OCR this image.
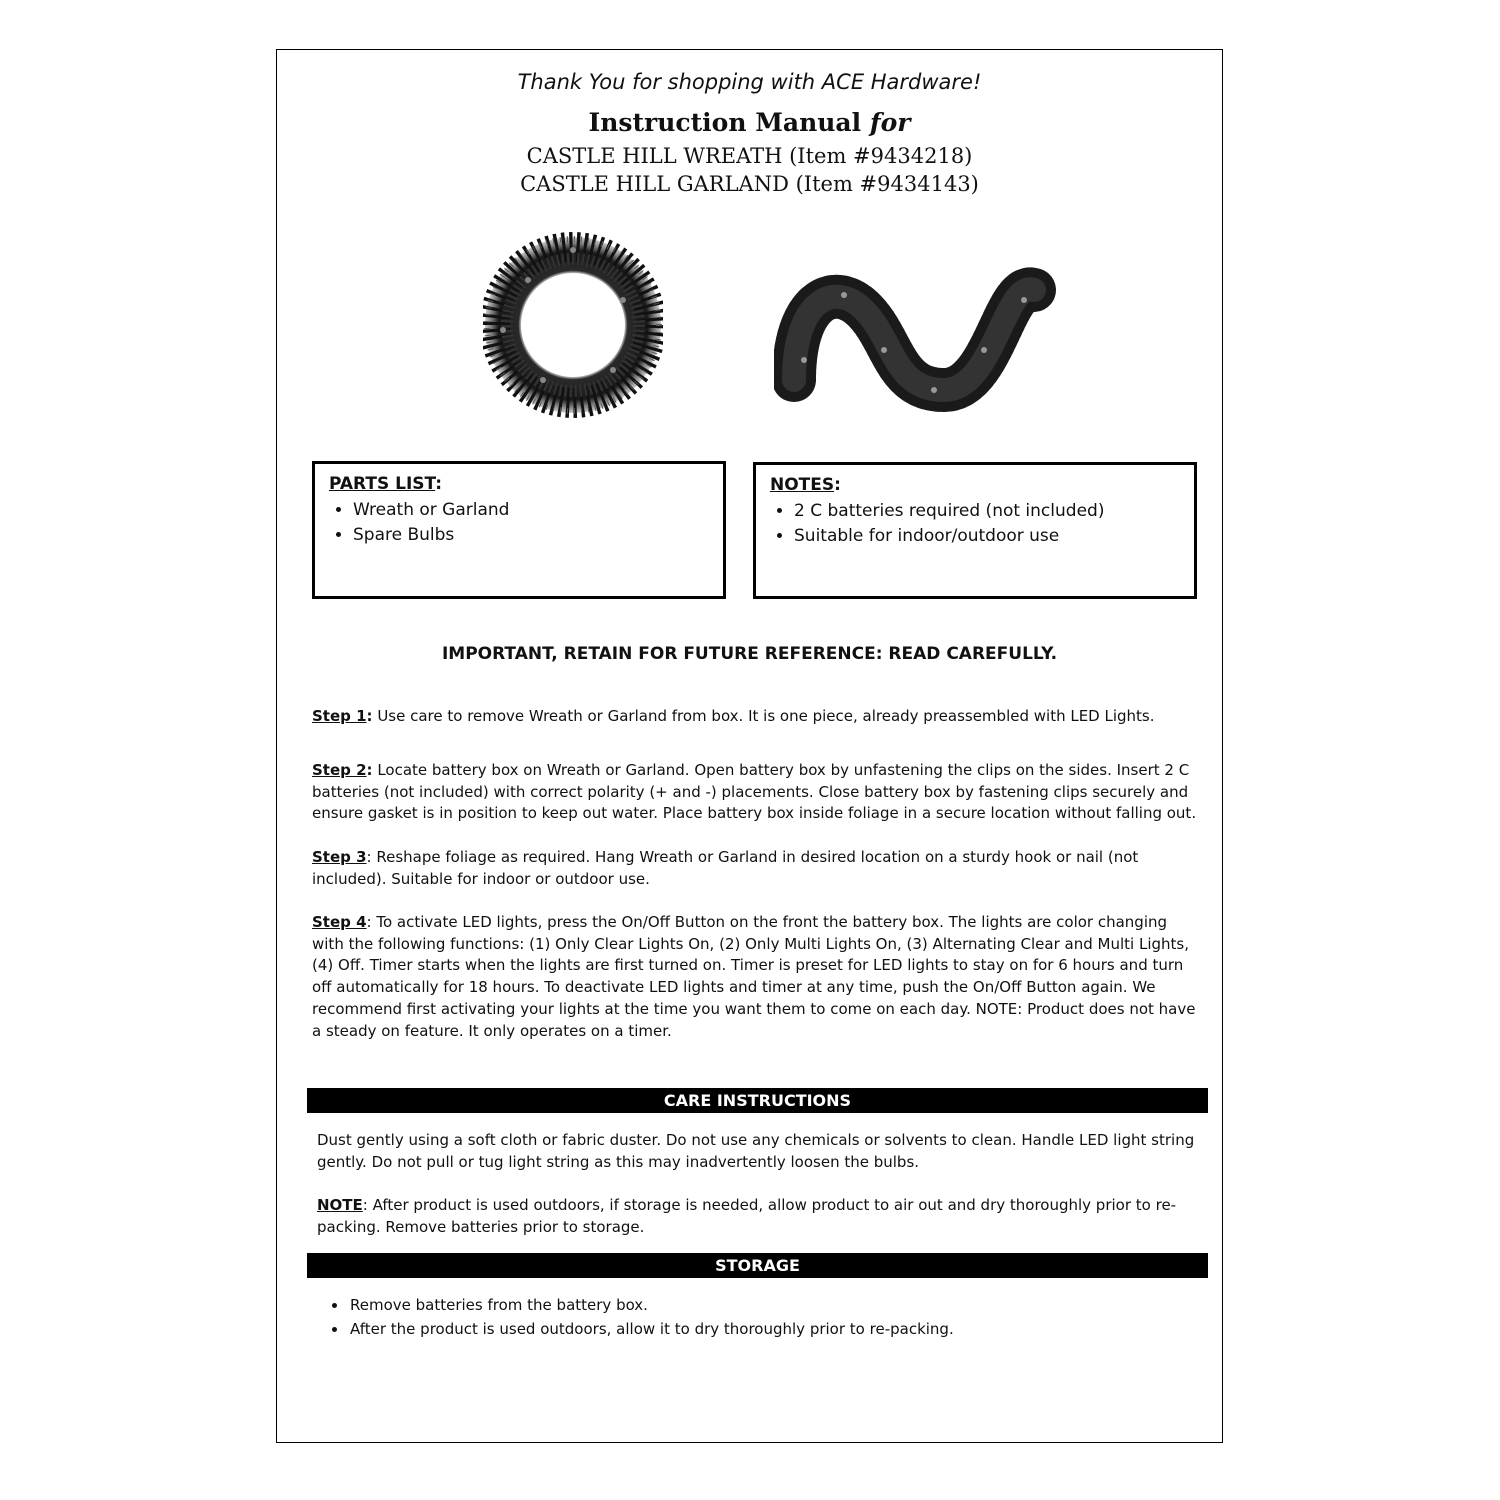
Thank You for shopping with ACE Hardware!
Instruction Manual for
CASTLE HILL WREATH (Item #9434218)
CASTLE HILL GARLAND (Item #9434143)
PARTS LIST:
• Wreath or Garland
• Spare Bulbs
NOTES:
• 2 C batteries required (not included)
• Suitable for indoor/outdoor use
IMPORTANT, RETAIN FOR FUTURE REFERENCE: READ CAREFULLY.
Step 1: Use care to remove Wreath or Garland from box. It is one piece, already preassembled with LED Lights.
Step 2: Locate battery box on Wreath or Garland. Open battery box by unfastening the clips on the sides. Insert 2 C batteries (not included) with correct polarity (+ and -) placements. Close battery box by fastening clips securely and ensure gasket is in position to keep out water. Place battery box inside foliage in a secure location without falling out.
Step 3: Reshape foliage as required. Hang Wreath or Garland in desired location on a sturdy hook or nail (not included). Suitable for indoor or outdoor use.
Step 4: To activate LED lights, press the On/Off Button on the front the battery box. The lights are color changing with the following functions: (1) Only Clear Lights On, (2) Only Multi Lights On, (3) Alternating Clear and Multi Lights, (4) Off. Timer starts when the lights are first turned on. Timer is preset for LED lights to stay on for 6 hours and turn off automatically for 18 hours. To deactivate LED lights and timer at any time, push the On/Off Button again. We recommend first activating your lights at the time you want them to come on each day. NOTE: Product does not have a steady on feature. It only operates on a timer.
CARE INSTRUCTIONS
Dust gently using a soft cloth or fabric duster. Do not use any chemicals or solvents to clean. Handle LED light string gently. Do not pull or tug light string as this may inadvertently loosen the bulbs.
NOTE: After product is used outdoors, if storage is needed, allow product to air out and dry thoroughly prior to re-packing. Remove batteries prior to storage.
STORAGE
• Remove batteries from the battery box.
• After the product is used outdoors, allow it to dry thoroughly prior to re-packing.
